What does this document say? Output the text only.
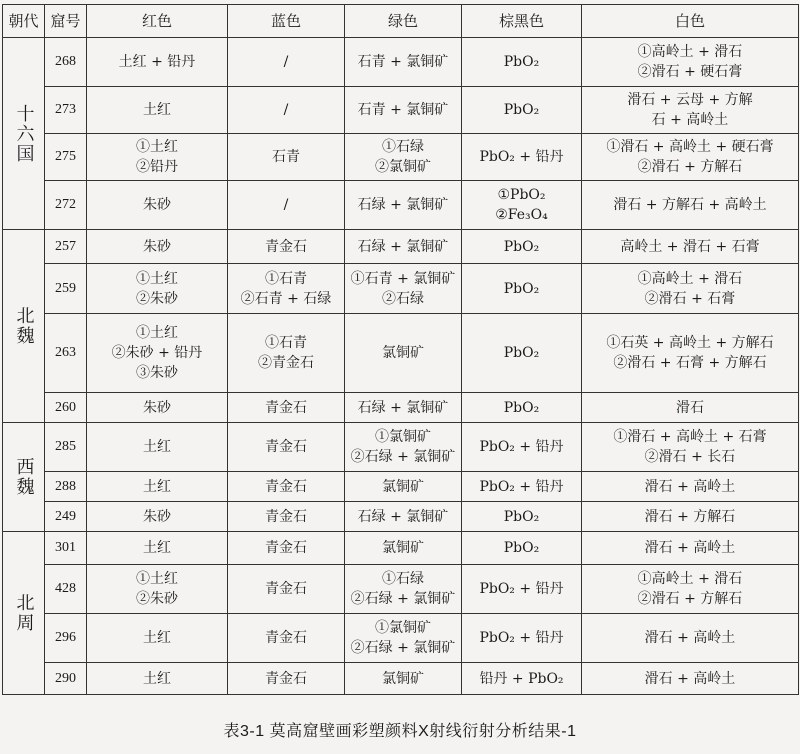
朝代	窟号	红色	蓝色	绿色	棕黑色	白色
十六国	268	土红 + 铅丹	/	石青 + 氯铜矿	PbO₂	①高岭土 + 滑石
②滑石 + 硬石膏

	273	土红	/	石青 + 氯铜矿	PbO₂	滑石 + 云母 + 方解
石 + 高岭土

	275	①土红
②铅丹	石青	①石绿
②氯铜矿	PbO₂ + 铅丹	①滑石 + 高岭土 + 硬石膏
②滑石 + 方解石

	272	朱砂	/	石绿 + 氯铜矿	①PbO₂
②Fe₃O₄	滑石 + 方解石 + 高岭土

北魏	257	朱砂	青金石	石绿 + 氯铜矿	PbO₂	高岭土 + 滑石 + 石膏

	259	①土红
②朱砂	①石青
②石青 + 石绿	①石青 + 氯铜矿
②石绿	PbO₂	①高岭土 + 滑石
②滑石 + 石膏

	263	①土红
②朱砂 + 铅丹
③朱砂	①石青
②青金石	氯铜矿	PbO₂	①石英 + 高岭土 + 方解石
②滑石 + 石膏 + 方解石

	260	朱砂	青金石	石绿 + 氯铜矿	PbO₂	滑石

西魏	285	土红	青金石	①氯铜矿
②石绿 + 氯铜矿	PbO₂ + 铅丹	①滑石 + 高岭土 + 石膏
②滑石 + 长石

	288	土红	青金石	氯铜矿	PbO₂ + 铅丹	滑石 + 高岭土

	249	朱砂	青金石	石绿 + 氯铜矿	PbO₂	滑石 + 方解石

北周	301	土红	青金石	氯铜矿	PbO₂	滑石 + 高岭土

	428	①土红
②朱砂	青金石	①石绿
②石绿 + 氯铜矿	PbO₂ + 铅丹	①高岭土 + 滑石
②滑石 + 方解石

	296	土红	青金石	①氯铜矿
②石绿 + 氯铜矿	PbO₂ + 铅丹	滑石 + 高岭土

	290	土红	青金石	氯铜矿	铅丹 + PbO₂	滑石 + 高岭土
表3-1 莫高窟壁画彩塑颜料X射线衍射分析结果-1
